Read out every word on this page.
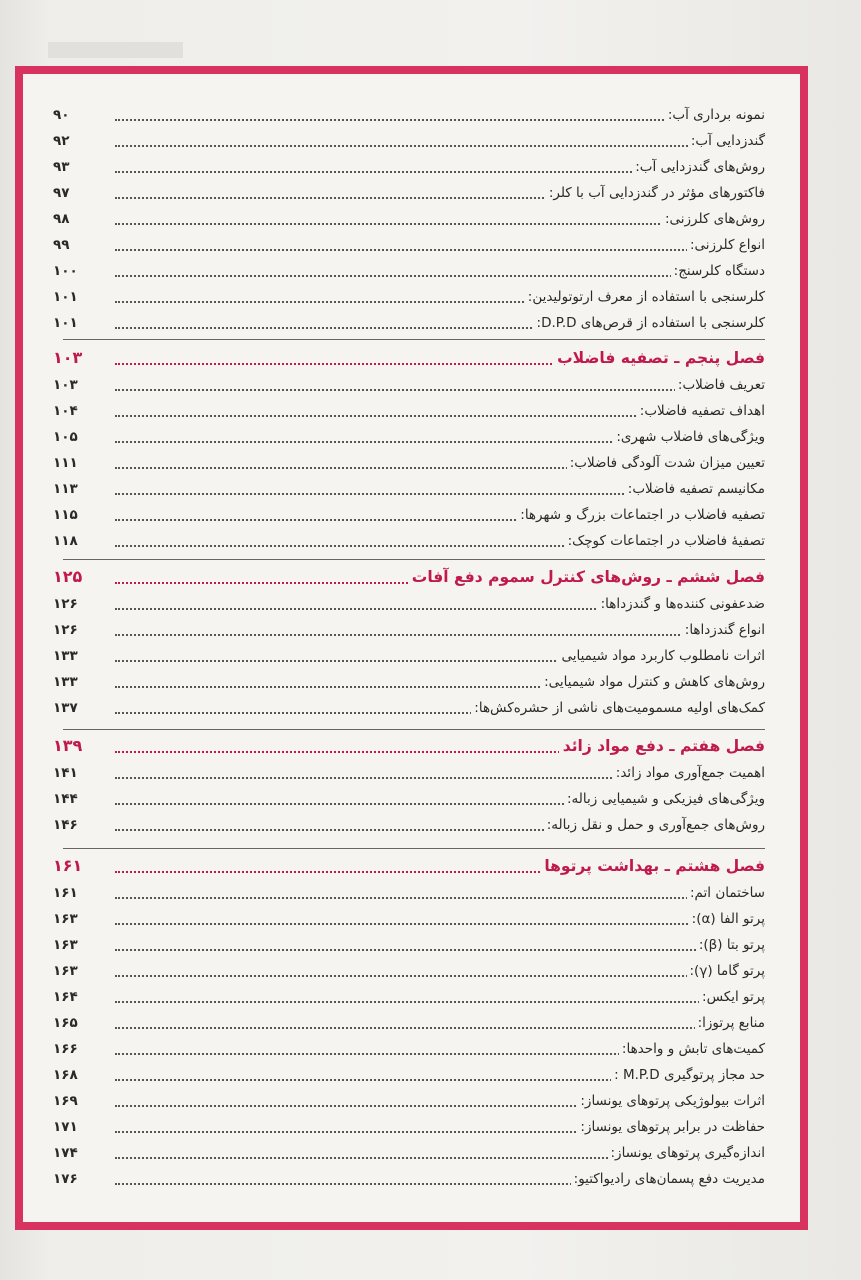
نمونه برداری آب:
۹۰
گندزدایی آب:
۹۲
روش‌های گندزدایی آب:
۹۳
فاکتورهای مؤثر در گندزدایی آب با کلر:
۹۷
روش‌های کلرزنی:
۹۸
انواع کلرزنی:
۹۹
دستگاه کلرسنج:
۱۰۰
کلرسنجی با استفاده از معرف ارتوتولیدین:
۱۰۱
کلرسنجی با استفاده از قرص‌های D.P.D:
۱۰۱
فصل پنجم ـ تصفیه فاضلاب
۱۰۳
تعریف فاضلاب:
۱۰۳
اهداف تصفیه فاضلاب:
۱۰۴
ویژگی‌های فاضلاب شهری:
۱۰۵
تعیین میزان شدت آلودگی فاضلاب:
۱۱۱
مکانیسم تصفیه فاضلاب:
۱۱۳
تصفیه فاضلاب در اجتماعات بزرگ و شهرها:
۱۱۵
تصفیهٔ فاضلاب در اجتماعات کوچک:
۱۱۸
فصل ششم ـ روش‌های کنترل سموم دفع آفات
۱۲۵
ضدعفونی کننده‌ها و گندزداها:
۱۲۶
انواع گندزداها:
۱۲۶
اثرات نامطلوب کاربرد مواد شیمیایی
۱۳۳
روش‌های کاهش و کنترل مواد شیمیایی:
۱۳۳
کمک‌های اولیه مسمومیت‌های ناشی از حشره‌کش‌ها:
۱۳۷
فصل هفتم ـ دفع مواد زائد
۱۳۹
اهمیت جمع‌آوری مواد زائد:
۱۴۱
ویژگی‌های فیزیکی و شیمیایی زباله:
۱۴۴
روش‌های جمع‌آوری و حمل و نقل زباله:
۱۴۶
فصل هشتم ـ بهداشت پرتوها
۱۶۱
ساختمان اتم:
۱۶۱
پرتو الفا (α):
۱۶۳
پرتو بتا (β):
۱۶۳
پرتو گاما (γ):
۱۶۳
پرتو ایکس:
۱۶۴
منابع پرتوزا:
۱۶۵
کمیت‌های تابش و واحدها:
۱۶۶
حد مجاز پرتوگیری M.P.D :
۱۶۸
اثرات بیولوژیکی پرتوهای یونساز:
۱۶۹
حفاظت در برابر پرتوهای یونساز:
۱۷۱
اندازه‌گیری پرتوهای یونساز:
۱۷۴
مدیریت دفع پسمان‌های رادیواکتیو:
۱۷۶
